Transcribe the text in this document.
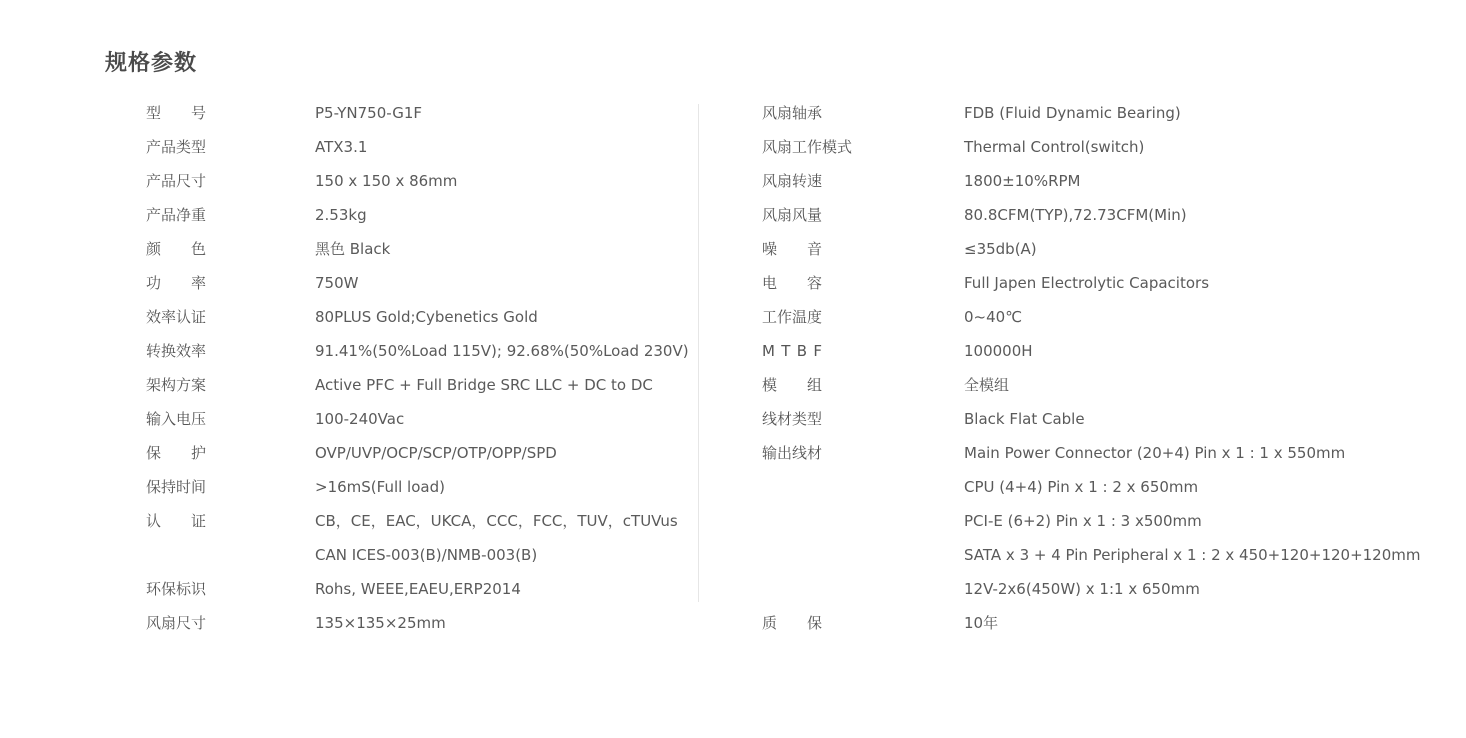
规格参数
型 号	P5-YN750-G1F
产品类型	ATX3.1
产品尺寸	150 x 150 x 86mm
产品净重	2.53kg
颜 色	黑色 Black
功 率	750W
效率认证	80PLUS Gold;Cybenetics Gold
转换效率	91.41%(50%Load 115V); 92.68%(50%Load 230V)
架构方案	Active PFC + Full Bridge SRC LLC + DC to DC
输入电压	100-240Vac
保 护	OVP/UVP/OCP/SCP/OTP/OPP/SPD
保持时间	>16mS(Full load)
认 证	CB，CE，EAC，UKCA，CCC，FCC，TUV，cTUVus
CAN ICES-003(B)/NMB-003(B)
环保标识	Rohs, WEEE,EAEU,ERP2014
风扇尺寸	135×135×25mm
风扇轴承	FDB (Fluid Dynamic Bearing)
风扇工作模式	Thermal Control(switch)
风扇转速	1800±10%RPM
风扇风量	80.8CFM(TYP),72.73CFM(Min)
噪 音	≤35db(A)
电 容	Full Japen Electrolytic Capacitors
工作温度	0~40℃
M T B F	100000H
模 组	全模组
线材类型	Black Flat Cable
输出线材	Main Power Connector (20+4) Pin x 1 : 1 x 550mm
CPU (4+4) Pin x 1 : 2 x 650mm
PCI-E (6+2) Pin x 1 : 3 x500mm
SATA x 3 + 4 Pin Peripheral x 1 : 2 x 450+120+120+120mm
12V-2x6(450W) x 1:1 x 650mm
质 保	10年
